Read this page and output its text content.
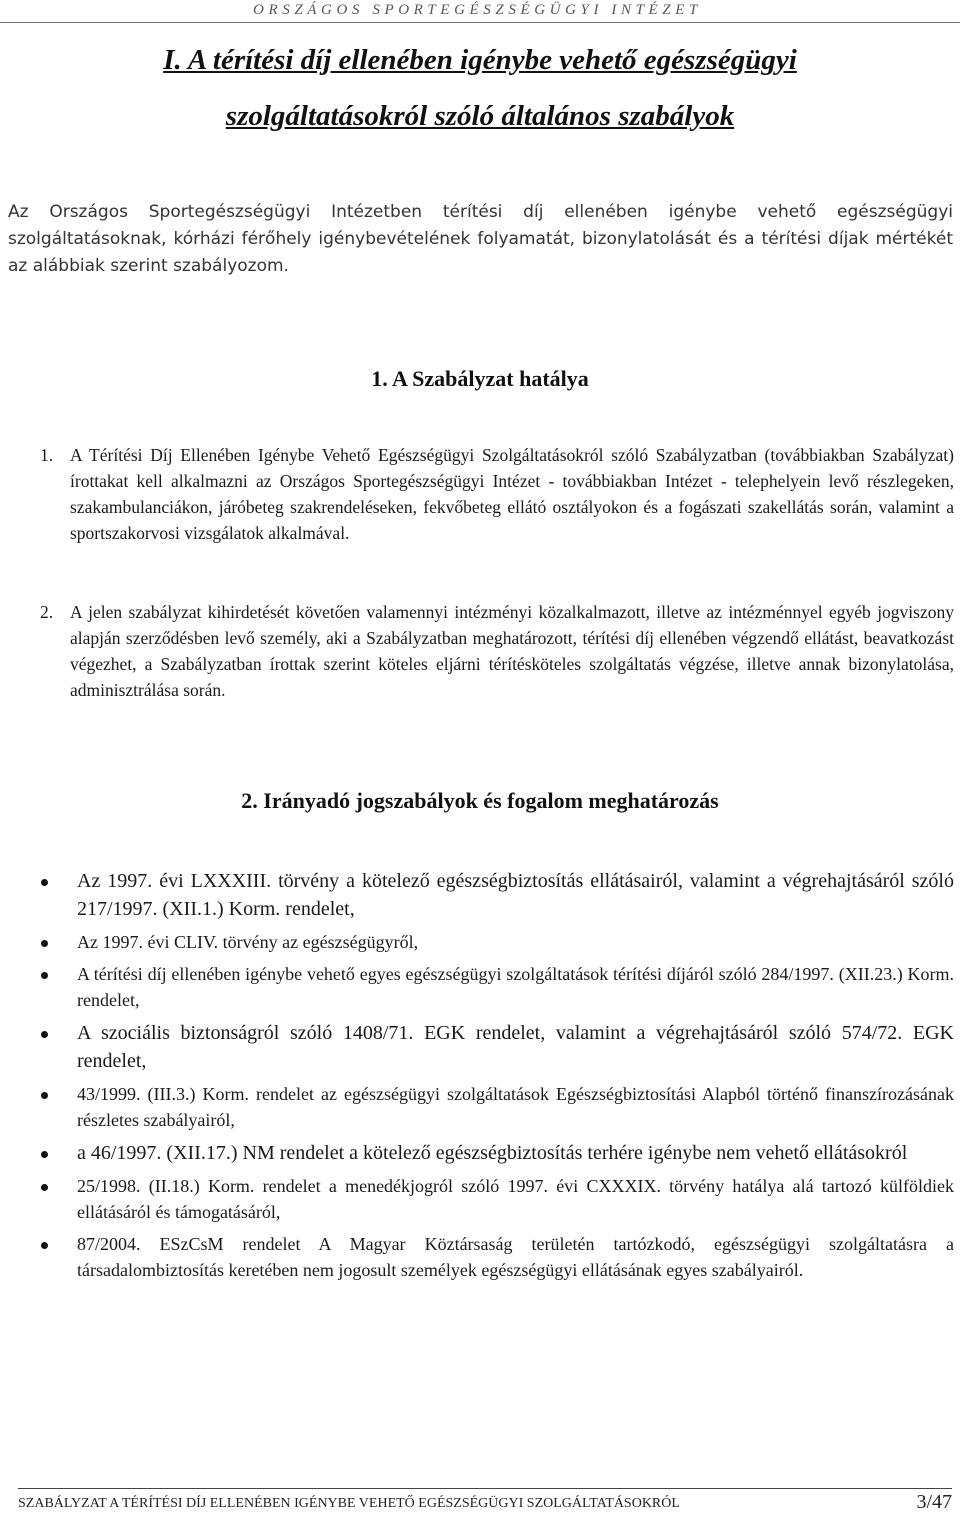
ORSZÁGOS SPORTEGÉSZSÉGÜGYI INTÉZET
I. A térítési díj ellenében igénybe vehető egészségügyi
szolgáltatásokról szóló általános szabályok
Az Országos Sportegészségügyi Intézetben térítési díj ellenében igénybe vehető egészségügyi szolgáltatásoknak, kórházi férőhely igénybevételének folyamatát, bizonylatolását és a térítési díjak mértékét az alábbiak szerint szabályozom.
1. A Szabályzat hatálya
1. A Térítési Díj Ellenében Igénybe Vehető Egészségügyi Szolgáltatásokról szóló Szabályzatban (továbbiakban Szabályzat) írottakat kell alkalmazni az Országos Sportegészségügyi Intézet - továbbiakban Intézet - telephelyein levő részlegeken, szakambulanciákon, járóbeteg szakrendeléseken, fekvőbeteg ellátó osztályokon és a fogászati szakellátás során, valamint a sportszakorvosi vizsgálatok alkalmával.
2. A jelen szabályzat kihirdetését követően valamennyi intézményi közalkalmazott, illetve az intézménnyel egyéb jogviszony alapján szerződésben levő személy, aki a Szabályzatban meghatározott, térítési díj ellenében végzendő ellátást, beavatkozást végezhet, a Szabályzatban írottak szerint köteles eljárni térítésköteles szolgáltatás végzése, illetve annak bizonylatolása, adminisztrálása során.
2. Irányadó jogszabályok és fogalom meghatározás
Az 1997. évi LXXXIII. törvény a kötelező egészségbiztosítás ellátásairól, valamint a végrehajtásáról szóló 217/1997. (XII.1.) Korm. rendelet,
Az 1997. évi CLIV. törvény az egészségügyről,
A térítési díj ellenében igénybe vehető egyes egészségügyi szolgáltatások térítési díjáról szóló 284/1997. (XII.23.) Korm. rendelet,
A szociális biztonságról szóló 1408/71. EGK rendelet, valamint a végrehajtásáról szóló 574/72. EGK rendelet,
43/1999. (III.3.) Korm. rendelet az egészségügyi szolgáltatások Egészségbiztosítási Alapból történő finanszírozásának részletes szabályairól,
a 46/1997. (XII.17.) NM rendelet a kötelező egészségbiztosítás terhére igénybe nem vehető ellátásokról
25/1998. (II.18.) Korm. rendelet a menedékjogról szóló 1997. évi CXXXIX. törvény hatálya alá tartozó külföldiek ellátásáról és támogatásáról,
87/2004. ESzCsM rendelet A Magyar Köztársaság területén tartózkodó, egészségügyi szolgáltatásra a társadalombiztosítás keretében nem jogosult személyek egészségügyi ellátásának egyes szabályairól.
SZABÁLYZAT A TÉRÍTÉSI DÍJ ELLENÉBEN IGÉNYBE VEHETŐ EGÉSZSÉGÜGYI SZOLGÁLTATÁSOKRÓL	3/47
